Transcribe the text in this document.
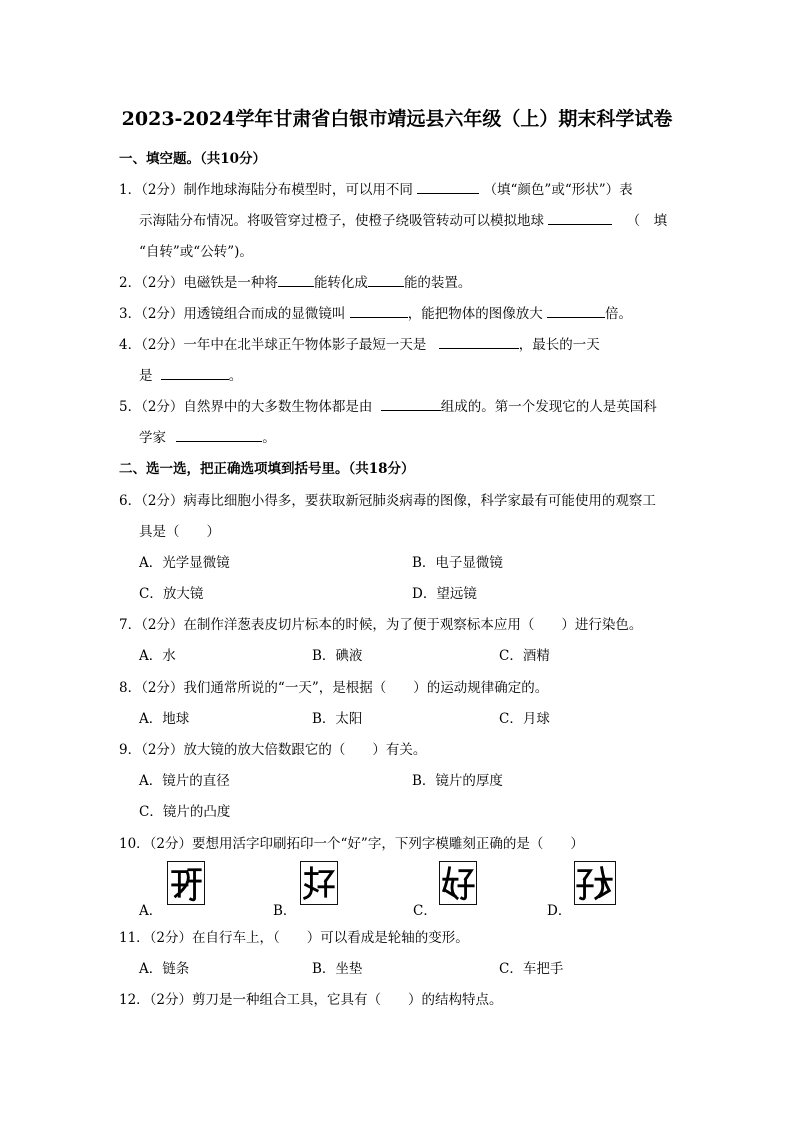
2023-2024学年甘肃省白银市靖远县六年级（上）期末科学试卷
一、填空题。（共10分）
1．（2分）制作地球海陆分布模型时，可以用不同	（填“颜色”或“形状”）表
示海陆分布情况。将吸管穿过橙子，使橙子绕吸管转动可以模拟地球	（　填
“自转”或“公转”)。
2．（2分）电磁铁是一种将	能转化成	能的装置。
3．（2分）用透镜组合而成的显微镜叫	，能把物体的图像放大	倍。
4．（2分）一年中在北半球正午物体影子最短一天是	，最长的一天
是	。
5．（2分）自然界中的大多数生物体都是由	组成的。第一个发现它的人是英国科
学家	。
二、选一选，把正确选项填到括号里。（共18分）
6．（2分）病毒比细胞小得多，要获取新冠肺炎病毒的图像，科学家最有可能使用的观察工
具是（　　）
A．光学显微镜	B．电子显微镜
C．放大镜	D．望远镜
7．（2分）在制作洋葱表皮切片标本的时候，为了便于观察标本应用（　　）进行染色。
A．水	B．碘液	C．酒精
8．（2分）我们通常所说的“一天”，是根据（　　）的运动规律确定的。
A．地球	B．太阳	C．月球
9．（2分）放大镜的放大倍数跟它的（　　）有关。
A．镜片的直径	B．镜片的厚度
C．镜片的凸度
10．（2分）要想用活字印刷拓印一个“好”字，下列字模雕刻正确的是（　　）
A．	B．	C．	D．
11．（2分）在自行车上，（　　）可以看成是轮轴的变形。
A．链条	B．坐垫	C．车把手
12．（2分）剪刀是一种组合工具，它具有（　　）的结构特点。
